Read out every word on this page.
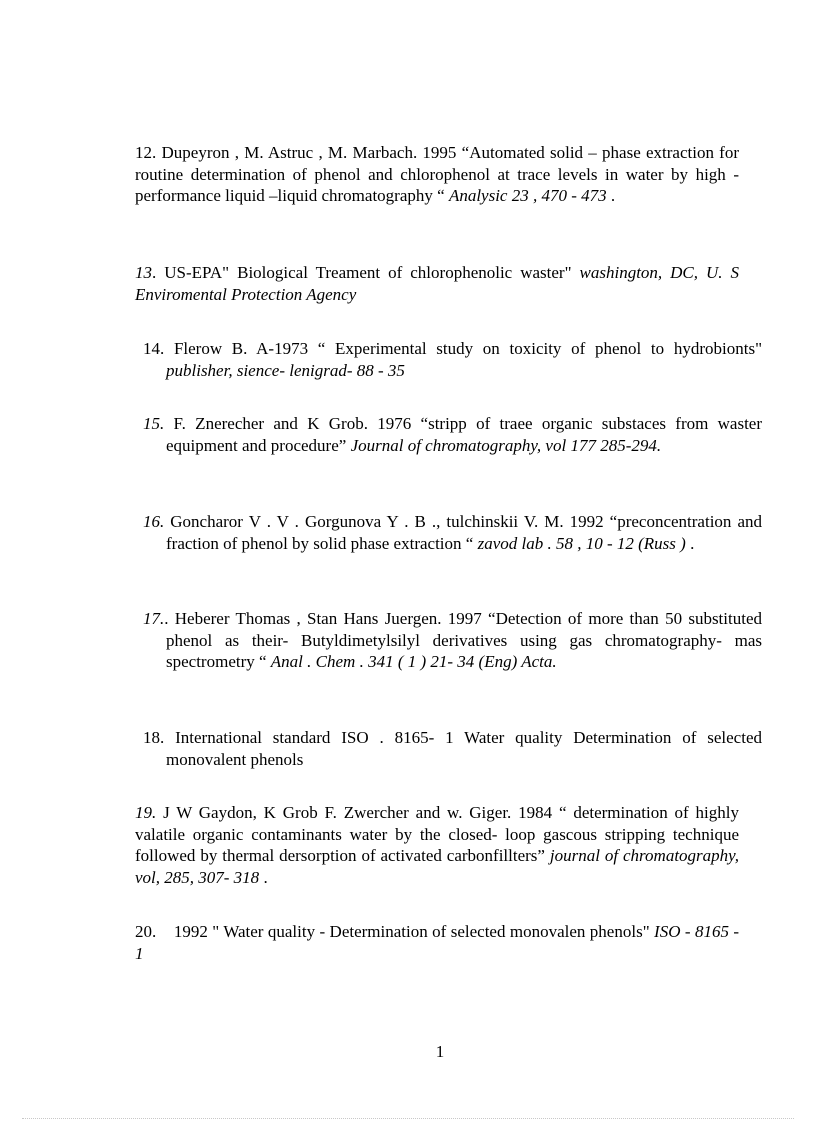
12. Dupeyron , M. Astruc , M. Marbach. 1995 “Automated solid – phase extraction for routine determination of phenol and chlorophenol at trace levels in water by high - performance liquid –liquid chromatography “ Analysic 23 , 470 - 473 .
13. US-EPA" Biological Treament of chlorophenolic waster" washington, DC, U. S Enviromental Protection Agency
14. Flerow B. A-1973 “ Experimental study on toxicity of phenol to hydrobionts" publisher, sience- lenigrad- 88 - 35
15. F. Znerecher and K Grob. 1976 “stripp of traee organic substaces from waster equipment and procedure” Journal of chromatography, vol 177 285-294.
16. Goncharor V . V . Gorgunova Y . B ., tulchinskii V. M. 1992 “preconcentration and fraction of phenol by solid phase extraction “ zavod lab . 58 , 10 - 12 (Russ ) .
17.. Heberer Thomas , Stan Hans Juergen. 1997 “Detection of more than 50 substituted phenol as their- Butyldimetylsilyl derivatives using gas chromatography- mas spectrometry “ Anal . Chem . 341 ( 1 ) 21- 34 (Eng) Acta.
18. International standard ISO . 8165- 1 Water quality Determination of selected monovalent phenols
19. J W Gaydon, K Grob F. Zwercher and w. Giger. 1984 “ determination of highly valatile organic contaminants water by the closed- loop gascous stripping technique followed by thermal dersorption of activated carbonfillters” journal of chromatography, vol, 285, 307- 318 .
20. 1992 " Water quality - Determination of selected monovalen phenols" ISO - 8165 - 1
1
